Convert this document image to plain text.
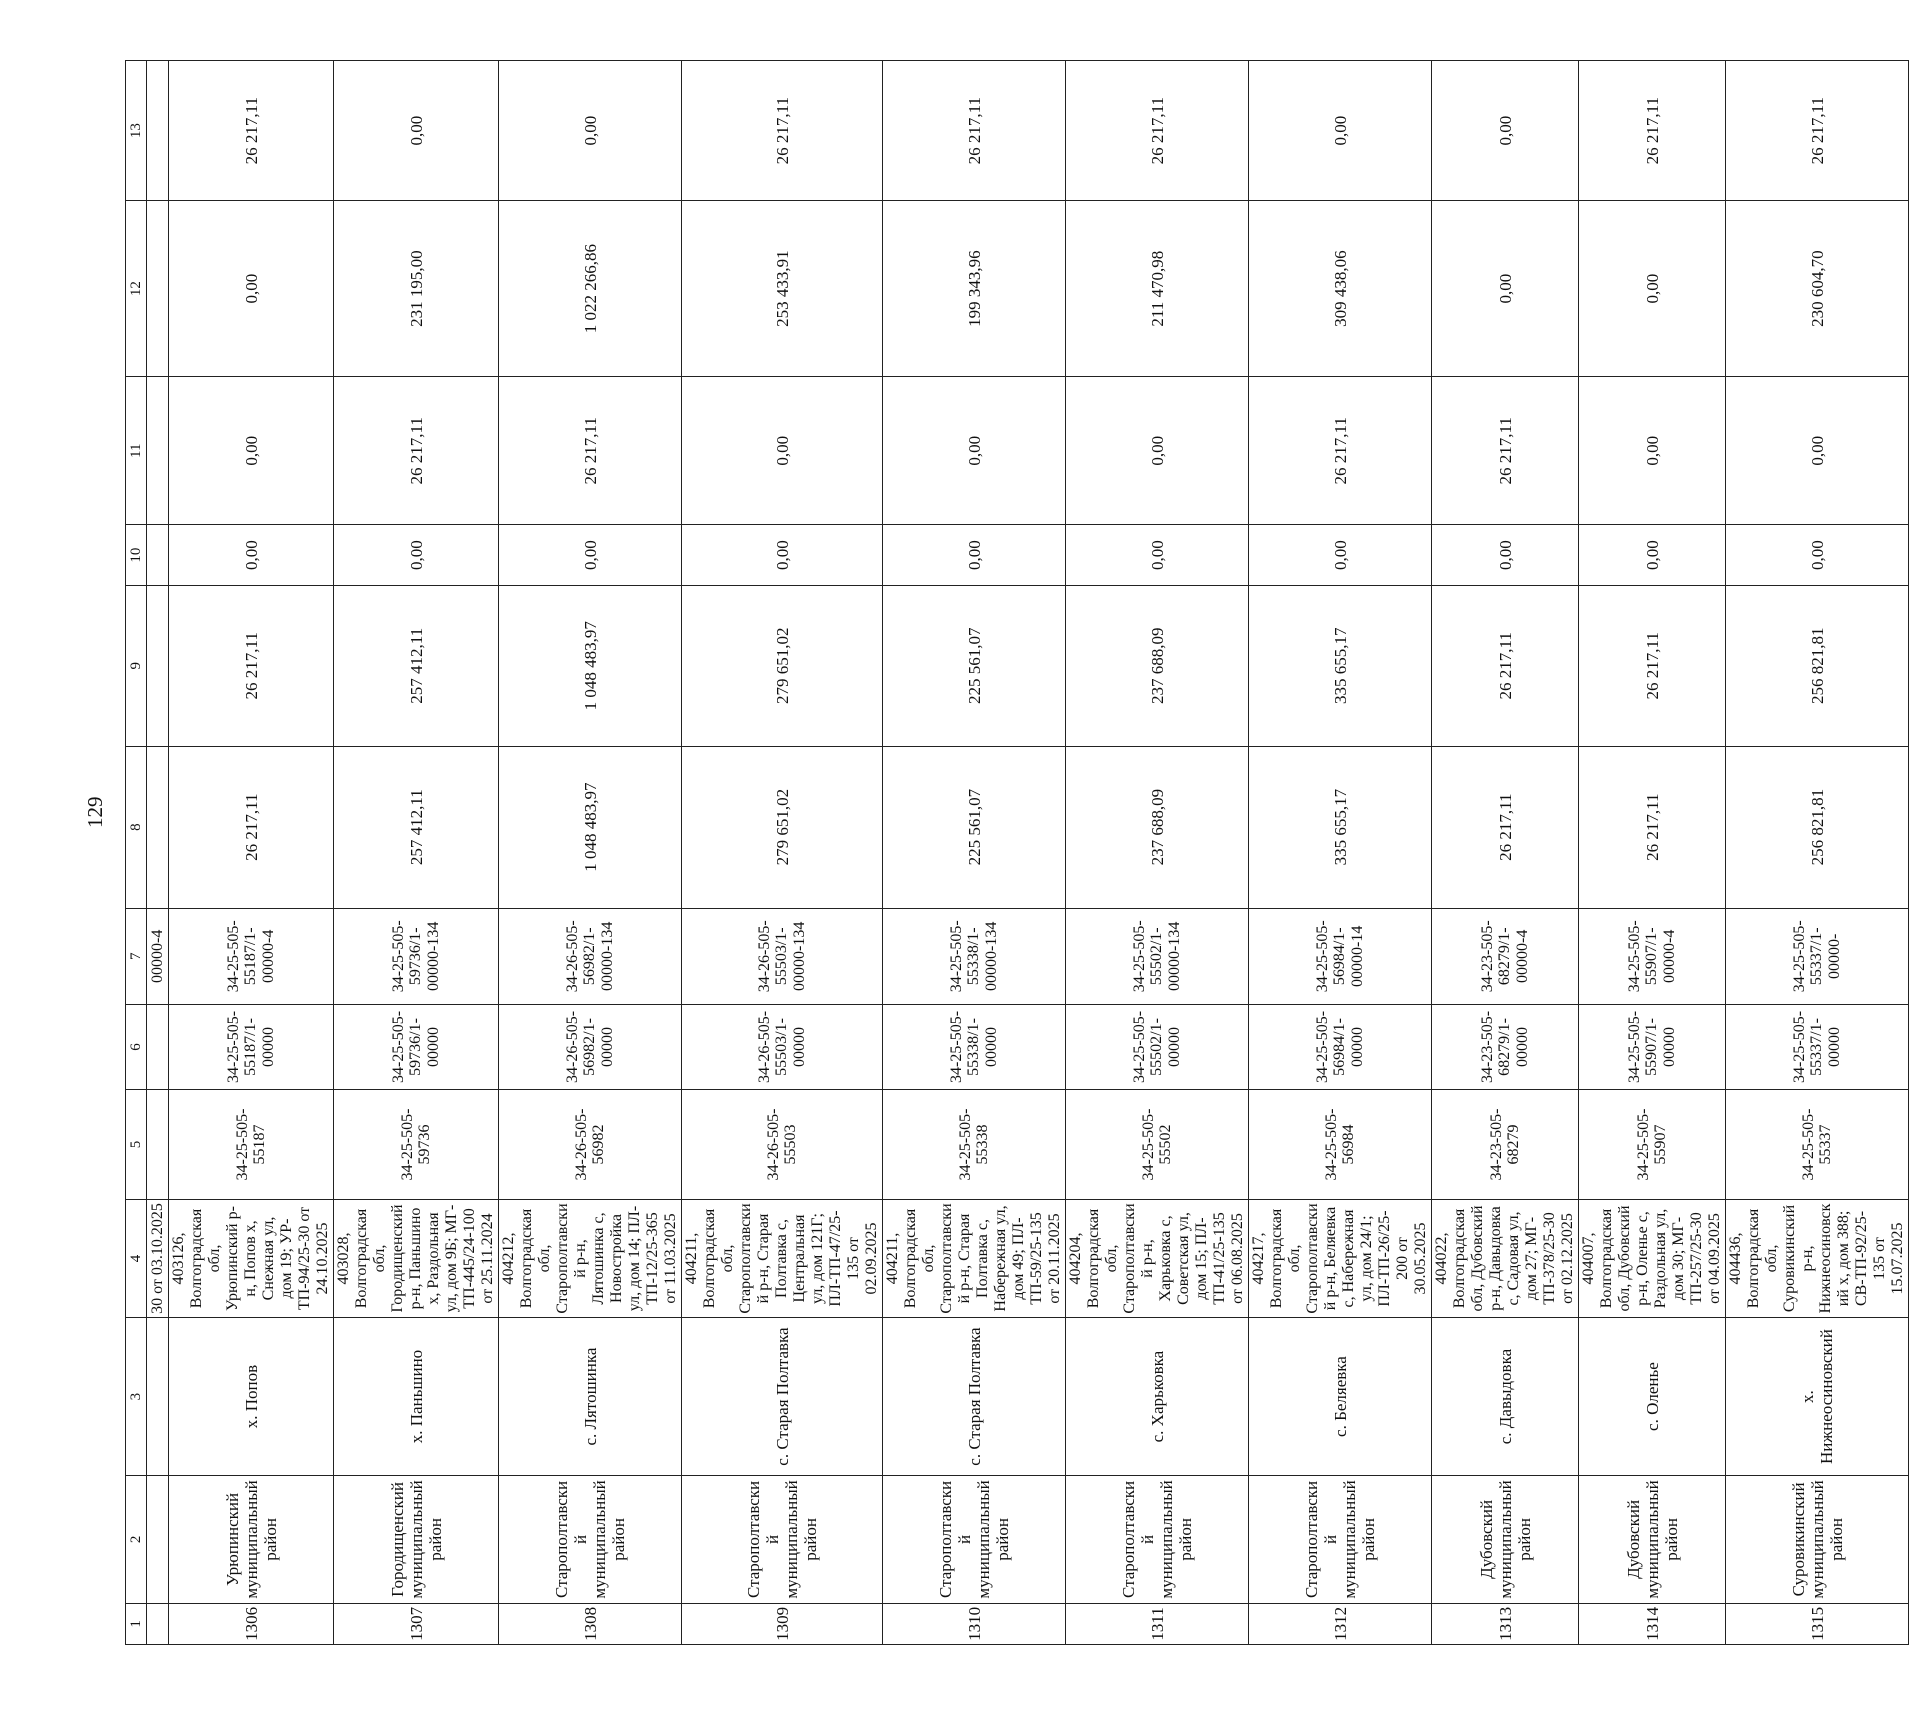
129
1	2	3	4	5	6	7	8	9	10	11	12	13
			30 от 03.10.2025			00000-4						
1306	Урюпинский муниципальный район	х. Попов	403126, Волгоградская обл, Урюпинский р-н, Попов х, Снежная ул, дом 19; УР-ТП-94/25-30 от 24.10.2025	34-25-505-55187	34-25-505-55187/1-00000	34-25-505-55187/1-00000-4	26 217,11	26 217,11	0,00	0,00	0,00	26 217,11
1307	Городищенский муниципальный район	х. Паньшино	403028, Волгоградская обл, Городищенский р-н, Паньшино х, Раздольная ул, дом 9Б; МГ-ТП-445/24-100 от 25.11.2024	34-25-505-59736	34-25-505-59736/1-00000	34-25-505-59736/1-00000-134	257 412,11	257 412,11	0,00	26 217,11	231 195,00	0,00
1308	Старополтавский муниципальный район	с. Лятошинка	404212, Волгоградская обл, Старополтавский р-н, Лятошинка с, Новостройка ул, дом 14; ПЛ-ТП-12/25-365 от 11.03.2025	34-26-505-56982	34-26-505-56982/1-00000	34-26-505-56982/1-00000-134	1 048 483,97	1 048 483,97	0,00	26 217,11	1 022 266,86	0,00
1309	Старополтавский муниципальный район	с. Старая Полтавка	404211, Волгоградская обл, Старополтавский р-н, Старая Полтавка с, Центральная ул, дом 121Г; ПЛ-ТП-47/25-135 от 02.09.2025	34-26-505-55503	34-26-505-55503/1-00000	34-26-505-55503/1-00000-134	279 651,02	279 651,02	0,00	0,00	253 433,91	26 217,11
1310	Старополтавский муниципальный район	с. Старая Полтавка	404211, Волгоградская обл, Старополтавский р-н, Старая Полтавка с, Набережная ул, дом 49; ПЛ-ТП-59/25-135 от 20.11.2025	34-25-505-55338	34-25-505-55338/1-00000	34-25-505-55338/1-00000-134	225 561,07	225 561,07	0,00	0,00	199 343,96	26 217,11
1311	Старополтавский муниципальный район	с. Харьковка	404204, Волгоградская обл, Старополтавский р-н, Харьковка с, Советская ул, дом 15; ПЛ-ТП-41/25-135 от 06.08.2025	34-25-505-55502	34-25-505-55502/1-00000	34-25-505-55502/1-00000-134	237 688,09	237 688,09	0,00	0,00	211 470,98	26 217,11
1312	Старополтавский муниципальный район	с. Беляевка	404217, Волгоградская обл, Старополтавский р-н, Беляевка с, Набережная ул, дом 24/1; ПЛ-ТП-26/25-200 от 30.05.2025	34-25-505-56984	34-25-505-56984/1-00000	34-25-505-56984/1-00000-14	335 655,17	335 655,17	0,00	26 217,11	309 438,06	0,00
1313	Дубовский муниципальный район	с. Давыдовка	404022, Волгоградская обл, Дубовский р-н, Давыдовка с, Садовая ул, дом 27; МГ-ТП-378/25-30 от 02.12.2025	34-23-505-68279	34-23-505-68279/1-00000	34-23-505-68279/1-00000-4	26 217,11	26 217,11	0,00	26 217,11	0,00	0,00
1314	Дубовский муниципальный район	с. Оленье	404007, Волгоградская обл, Дубовский р-н, Оленье с, Раздольная ул, дом 30; МГ-ТП-257/25-30 от 04.09.2025	34-25-505-55907	34-25-505-55907/1-00000	34-25-505-55907/1-00000-4	26 217,11	26 217,11	0,00	0,00	0,00	26 217,11
1315	Суровикинский муниципальный район	х. Нижнеосиновский	404436, Волгоградская обл, Суровикинский р-н, Нижнеосиновский х, дом 388; СВ-ТП-92/25-135 от 15.07.2025	34-25-505-55337	34-25-505-55337/1-00000	34-25-505-55337/1-00000-	256 821,81	256 821,81	0,00	0,00	230 604,70	26 217,11
